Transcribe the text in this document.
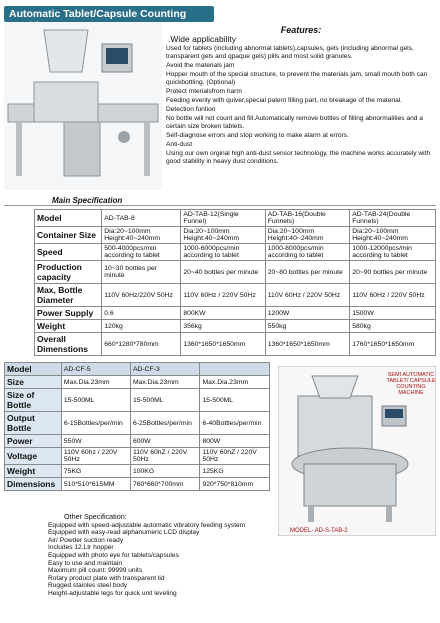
Automatic Tablet/Capsule Counting
Features:
.Wide applicability

Used for tablets (including abnormal tablets),capsules, gels (including abnormal gels, transparent gels and qpaque gels) pills and most solid granules.

Avoid the materials jam

Hopper mouth of the special structure, to prevent the materials jam, small mouth both can quickbottling. (Optional)

Protect mterialsfrom harm

Feeding evenly with quiver,special patent filling part, no breakage of the material.

Detection funtion

No bottle will not count and fill.Automatically remove bottles of filling abnormalities and a certain size broken tablets.

Self-diagnose errors and stop working to make alarm at errors.

Anti-dust

Using our own orginal high anti-dust sensor technology, the machine works accurately with good stability in heavy dust conditions.

Main Specification
Model	AD-TAB-8	AD-TAB-12(Single Funnel)	AD-TAB-16(Double Funnels)	AD-TAB-24(Double Funnels)
Container Size	Dia:20~100mm Height:40~240mm	Dia:20~100mm Height:40~240mm	Dia:20~100mm Height:40~240mm	Dia:20~100mm Height:40~240mm
Speed	500-4000pcs/min according to tablet	1000-6000pcs/min according to tablet	1000-8000pcs/min according to tablet	1000-12000pcs/min according to tablet
Production capacity	10~30 bottles per minute	20~40 bottles per minute	20~80 bottles per minute	20~90 bottles per minute
Max, Bottle Diameter	110V 60Hz/220V 50Hz	110V 60Hz / 220V 50Hz	110V 60Hz / 220V 50Hz	110V 60Hz / 220V 50Hz
Power Supply	0.6	800KW	1200W	1500W
Weight	120kg	356kg	550kg	580kg
Overall Dimenstions	660*1280*780mm	1360*1650*1650mm	1360*1650*1650mm	1760*1650*1650mm
Model	AD-CF-5	AD-CF-3	
Size	Max.Dia.23mm	Max.Dia.23mm	Max.Dia.23mm
Size of Bottle	15-500ML	15-500ML	15-500ML
Output Bottle	6-15Bottles/per/min	6-25Bottles/per/min	6-40Bottles/per/min
Power	550W	600W	800W
Voltage	110V 60hz / 220V 50Hz	110V 60hZ / 220V 50Hz	110V 60hZ / 220V 50Hz
Weight	75KG	100KG	125KG
Dimensions	510*510*615MM	760*660*700mm	920*750*810mm
SEMI AUTOMATIC TABLET/ CAPSULE COUNTING MACHINE
MODEL- AD-S-TAB-2
Other Specification:
Equipped with speed-adjustable automatic vibratory feeding system
Equipped with easy-read alphanumeric LCD display
Air/ Powder suction ready
Includes 12.Ltr hopper
Equipped with photo eye for tablets/capsules
Easy to use and maintain
Maximum pill count: 99999 units
Rotary product plate with transparent lid
Rugged stainles steel body
Height-adjustable legs for quick unit leveling
